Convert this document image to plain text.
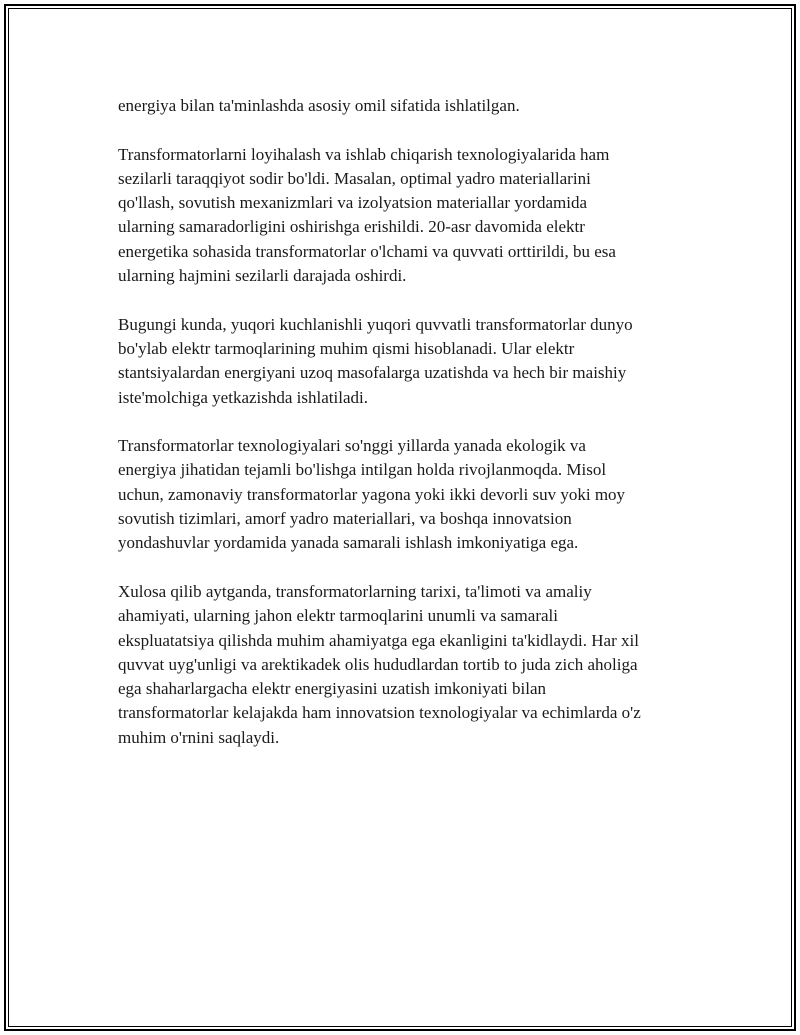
energiya bilan ta'minlashda asosiy omil sifatida ishlatilgan.

Transformatorlarni loyihalash va ishlab chiqarish texnologiyalarida ham
sezilarli taraqqiyot sodir bo'ldi. Masalan, optimal yadro materiallarini
qo'llash, sovutish mexanizmlari va izolyatsion materiallar yordamida
ularning samaradorligini oshirishga erishildi. 20-asr davomida elektr
energetika sohasida transformatorlar o'lchami va quvvati orttirildi, bu esa
ularning hajmini sezilarli darajada oshirdi.

Bugungi kunda, yuqori kuchlanishli yuqori quvvatli transformatorlar dunyo
bo'ylab elektr tarmoqlarining muhim qismi hisoblanadi. Ular elektr
stantsiyalardan energiyani uzoq masofalarga uzatishda va hech bir maishiy
iste'molchiga yetkazishda ishlatiladi.

Transformatorlar texnologiyalari so'nggi yillarda yanada ekologik va
energiya jihatidan tejamli bo'lishga intilgan holda rivojlanmoqda. Misol
uchun, zamonaviy transformatorlar yagona yoki ikki devorli suv yoki moy
sovutish tizimlari, amorf yadro materiallari, va boshqa innovatsion
yondashuvlar yordamida yanada samarali ishlash imkoniyatiga ega.

Xulosa qilib aytganda, transformatorlarning tarixi, ta'limoti va amaliy
ahamiyati, ularning jahon elektr tarmoqlarini unumli va samarali
ekspluatatsiya qilishda muhim ahamiyatga ega ekanligini ta'kidlaydi. Har xil
quvvat uyg'unligi va arektikadek olis hududlardan tortib to juda zich aholiga
ega shaharlargacha elektr energiyasini uzatish imkoniyati bilan
transformatorlar kelajakda ham innovatsion texnologiyalar va echimlarda o'z
muhim o'rnini saqlaydi.
